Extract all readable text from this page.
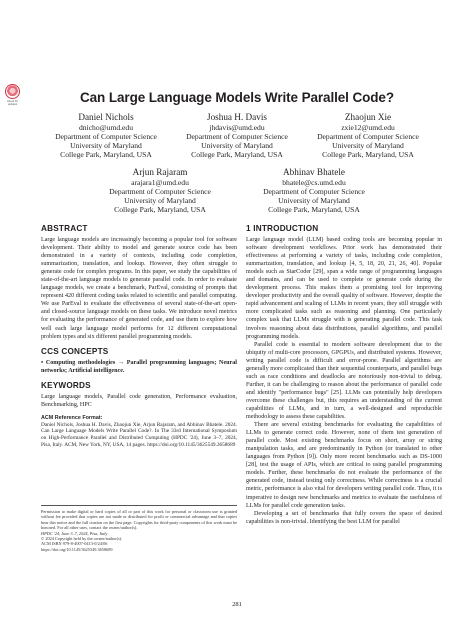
Check for updates	Can Large Language Models Write Parallel Code?
Daniel Nichols
dnicho@umd.edu
Department of Computer Science
University of Maryland
College Park, Maryland, USA
Joshua H. Davis
jhdavis@umd.edu
Department of Computer Science
University of Maryland
College Park, Maryland, USA
Zhaojun Xie
zxie12@umd.edu
Department of Computer Science
University of Maryland
College Park, Maryland, USA
Arjun Rajaram
arajara1@umd.edu
Department of Computer Science
University of Maryland
College Park, Maryland, USA
Abhinav Bhatele
bhatele@cs.umd.edu
Department of Computer Science
University of Maryland
College Park, Maryland, USA
ABSTRACT

Large language models are increasingly becoming a popular tool for software development. Their ability to model and generate source code has been demonstrated in a variety of contexts, including code completion, summarization, translation, and lookup. However, they often struggle to generate code for complex programs. In this paper, we study the capabilities of state-of-the-art language models to generate parallel code. In order to evaluate language models, we create a benchmark, ParEval, consisting of prompts that represent 420 different coding tasks related to scientific and parallel computing. We use ParEval to evaluate the effectiveness of several state-of-the-art open- and closed-source language models on these tasks. We introduce novel metrics for evaluating the performance of generated code, and use them to explore how well each large language model performs for 12 different computational problem types and six different parallel programming models.

CCS CONCEPTS

• Computing methodologies → Parallel programming languages; Neural networks; Artificial intelligence.

KEYWORDS

Large language models, Parallel code generation, Performance evaluation, Benchmarking, HPC

ACM Reference Format:

Daniel Nichols, Joshua H. Davis, Zhaojun Xie, Arjun Rajaram, and Abhinav Bhatele. 2024. Can Large Language Models Write Parallel Code?. In The 33rd International Symposium on High-Performance Parallel and Distributed Computing (HPDC '24), June 3–7, 2024, Pisa, Italy. ACM, New York, NY, USA, 14 pages. https://doi.org/10.1145/3625549.3658689

Permission to make digital or hard copies of all or part of this work for personal or classroom use is granted without fee provided that copies are not made or distributed for profit or commercial advantage and that copies bear this notice and the full citation on the first page. Copyrights for third-party components of this work must be honored. For all other uses, contact the owner/author(s).

HPDC '24, June 3–7, 2024, Pisa, Italy

© 2024 Copyright held by the owner/author(s).

ACM ISBN 979-8-4007-0413-0/24/06

https://doi.org/10.1145/3625549.3658689

1 INTRODUCTION

Large language model (LLM) based coding tools are becoming popular in software development workflows. Prior work has demonstrated their effectiveness at performing a variety of tasks, including code completion, summarization, translation, and lookup [4, 5, 18, 20, 21, 26, 40]. Popular models such as StarCoder [29], span a wide range of programming languages and domains, and can be used to complete or generate code during the development process. This makes them a promising tool for improving developer productivity and the overall quality of software. However, despite the rapid advancement and scaling of LLMs in recent years, they still struggle with more complicated tasks such as reasoning and planning. One particularly complex task that LLMs struggle with is generating parallel code. This task involves reasoning about data distributions, parallel algorithms, and parallel programming models.

Parallel code is essential to modern software development due to the ubiquity of multi-core processors, GPGPUs, and distributed systems. However, writing parallel code is difficult and error-prone. Parallel algorithms are generally more complicated than their sequential counterparts, and parallel bugs such as race conditions and deadlocks are notoriously non-trivial to debug. Further, it can be challenging to reason about the performance of parallel code and identify "performance bugs" [25]. LLMs can potentially help developers overcome these challenges but, this requires an understanding of the current capabilities of LLMs, and in turn, a well-designed and reproducible methodology to assess these capabilities.

There are several existing benchmarks for evaluating the capabilities of LLMs to generate correct code. However, none of them test generation of parallel code. Most existing benchmarks focus on short, array or string manipulation tasks, and are predominantly in Python (or translated to other languages from Python [9]). Only more recent benchmarks such as DS-1000 [28], test the usage of APIs, which are critical to using parallel programming models. Further, these benchmarks do not evaluate the performance of the generated code, instead testing only correctness. While correctness is a crucial metric, performance is also vital for developers writing parallel code. Thus, it is imperative to design new benchmarks and metrics to evaluate the usefulness of LLMs for parallel code generation tasks.

Developing a set of benchmarks that fully covers the space of desired capabilities is non-trivial. Identifying the best LLM for parallel

281
